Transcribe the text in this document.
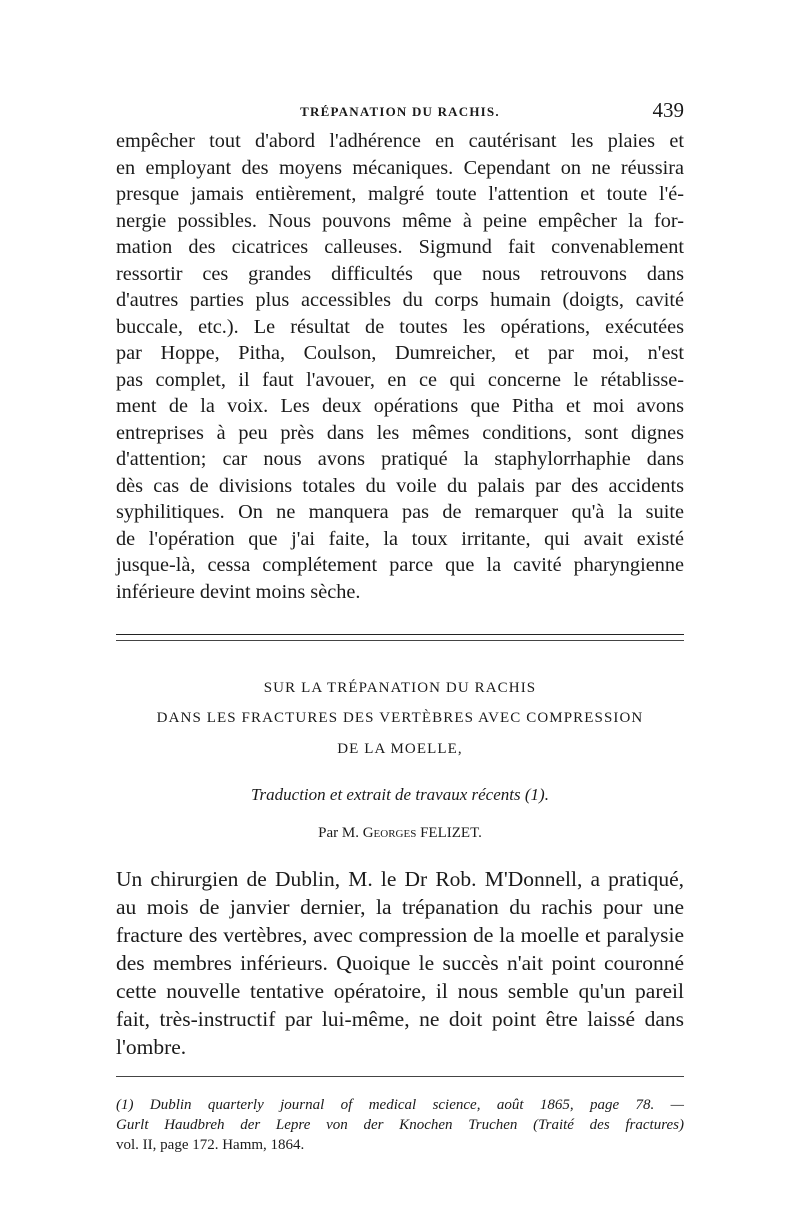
TRÉPANATION DU RACHIS.	439

empêcher tout d'abord l'adhérence en cautérisant les plaies et
en employant des moyens mécaniques. Cependant on ne réussira
presque jamais entièrement, malgré toute l'attention et toute l'é-
nergie possibles. Nous pouvons même à peine empêcher la for-
mation des cicatrices calleuses. Sigmund fait convenablement
ressortir ces grandes difficultés que nous retrouvons dans
d'autres parties plus accessibles du corps humain (doigts, cavité
buccale, etc.). Le résultat de toutes les opérations, exécutées
par Hoppe, Pitha, Coulson, Dumreicher, et par moi, n'est
pas complet, il faut l'avouer, en ce qui concerne le rétablisse-
ment de la voix. Les deux opérations que Pitha et moi avons
entreprises à peu près dans les mêmes conditions, sont dignes
d'attention; car nous avons pratiqué la staphylorrhaphie dans
dès cas de divisions totales du voile du palais par des accidents
syphilitiques. On ne manquera pas de remarquer qu'à la suite
de l'opération que j'ai faite, la toux irritante, qui avait existé
jusque-là, cessa complétement parce que la cavité pharyngienne
inférieure devint moins sèche.

SUR LA TRÉPANATION DU RACHIS
DANS LES FRACTURES DES VERTÈBRES AVEC COMPRESSION
DE LA MOELLE,

Traduction et extrait de travaux récents (1).

Par M. Georges FELIZET.

Un chirurgien de Dublin, M. le Dr Rob. M'Donnell, a pratiqué,
au mois de janvier dernier, la trépanation du rachis pour une
fracture des vertèbres, avec compression de la moelle et paralysie
des membres inférieurs. Quoique le succès n'ait point couronné
cette nouvelle tentative opératoire, il nous semble qu'un pareil
fait, très-instructif par lui-même, ne doit point être laissé dans
l'ombre.

(1) Dublin quarterly journal of medical science, août 1865, page 78. —
Gurlt Haudbreh der Lepre von der Knochen Truchen (Traité des fractures)
vol. II, page 172. Hamm, 1864.
